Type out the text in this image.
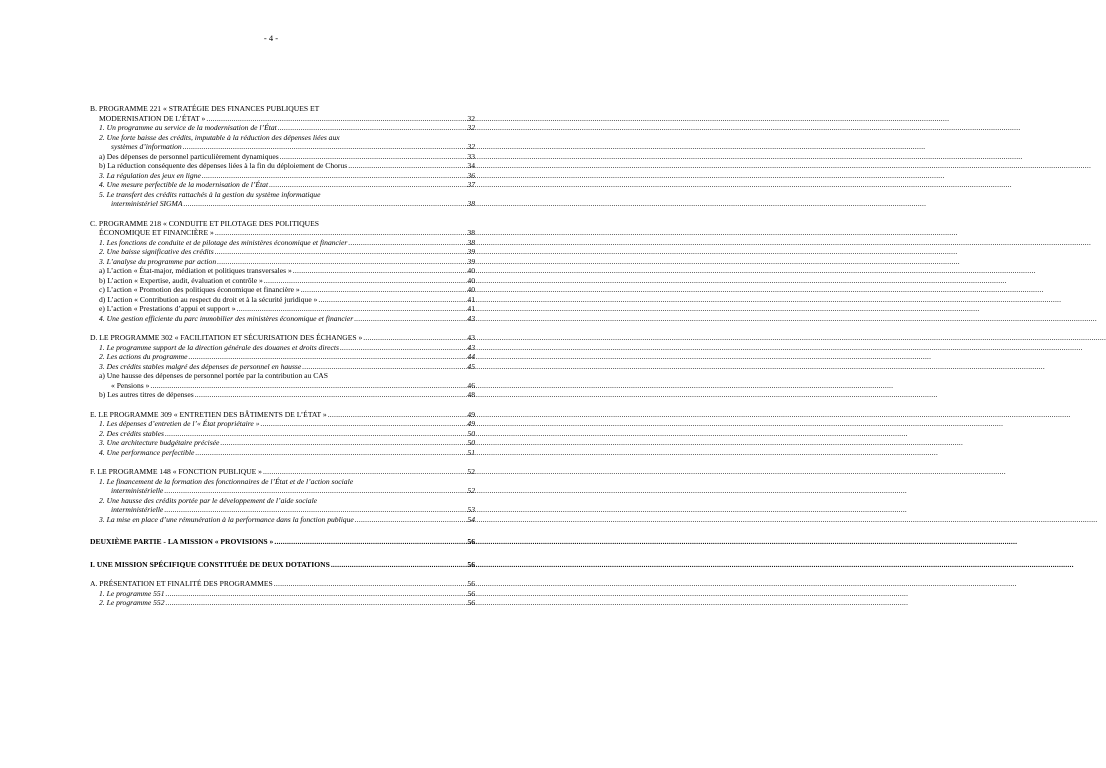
- 4 -
B. PROGRAMME 221 « STRATÉGIE DES FINANCES PUBLIQUES ET
MODERNISATION DE L’ÉTAT » .....	32
1. Un programme au service de la modernisation de l’État .....	32
2. Une forte baisse des crédits, imputable à la réduction des dépenses liées aux
systèmes d’information .....	32
a) Des dépenses de personnel particulièrement dynamiques .....	33
b) La réduction conséquente des dépenses liées à la fin du déploiement de Chorus .....	34
3. La régulation des jeux en ligne .....	36
4. Une mesure perfectible de la modernisation de l’État .....	37
5. Le transfert des crédits rattachés à la gestion du système informatique
interministériel SIGMA .....	38
C. PROGRAMME 218 « CONDUITE ET PILOTAGE DES POLITIQUES
ÉCONOMIQUE ET FINANCIÈRE » .....	38
1. Les fonctions de conduite et de pilotage des ministères économique et financier .....	38
2. Une baisse significative des crédits .....	39
3. L’analyse du programme par action .....	39
a) L’action « État-major, médiation et politiques transversales » .....	40
b) L’action « Expertise, audit, évaluation et contrôle » .....	40
c) L’action « Promotion des politiques économique et financière » .....	40
d) L’action « Contribution au respect du droit et à la sécurité juridique » .....	41
e) L’action « Prestations d’appui et support » .....	41
4. Une gestion efficiente du parc immobilier des ministères économique et financier .....	43
D. LE PROGRAMME 302 « FACILITATION ET SÉCURISATION DES ÉCHANGES » .....	43
1. Le programme support de la direction générale des douanes et droits directs .....	43
2. Les actions du programme .....	44
3. Des crédits stables malgré des dépenses de personnel en hausse .....	45
a) Une hausse des dépenses de personnel portée par la contribution au CAS
« Pensions » .....	46
b) Les autres titres de dépenses .....	48
E. LE PROGRAMME 309 « ENTRETIEN DES BÂTIMENTS DE L’ÉTAT » .....	49
1. Les dépenses d’entretien de l’« État propriétaire » .....	49
2. Des crédits stables .....	50
3. Une architecture budgétaire précisée .....	50
4. Une performance perfectible .....	51
F. LE PROGRAMME 148 « FONCTION PUBLIQUE » .....	52
1. Le financement de la formation des fonctionnaires de l’État et de l’action sociale
interministérielle .....	52
2. Une hausse des crédits portée par le développement de l’aide sociale
interministérielle .....	53
3. La mise en place d’une rémunération à la performance dans la fonction publique .....	54
DEUXIÈME PARTIE - LA MISSION « PROVISIONS » .....	56
I. UNE MISSION SPÉCIFIQUE CONSTITUÉE DE DEUX DOTATIONS .....	56
A. PRÉSENTATION ET FINALITÉ DES PROGRAMMES .....	56
1. Le programme 551 .....	56
2. Le programme 552 .....	56
